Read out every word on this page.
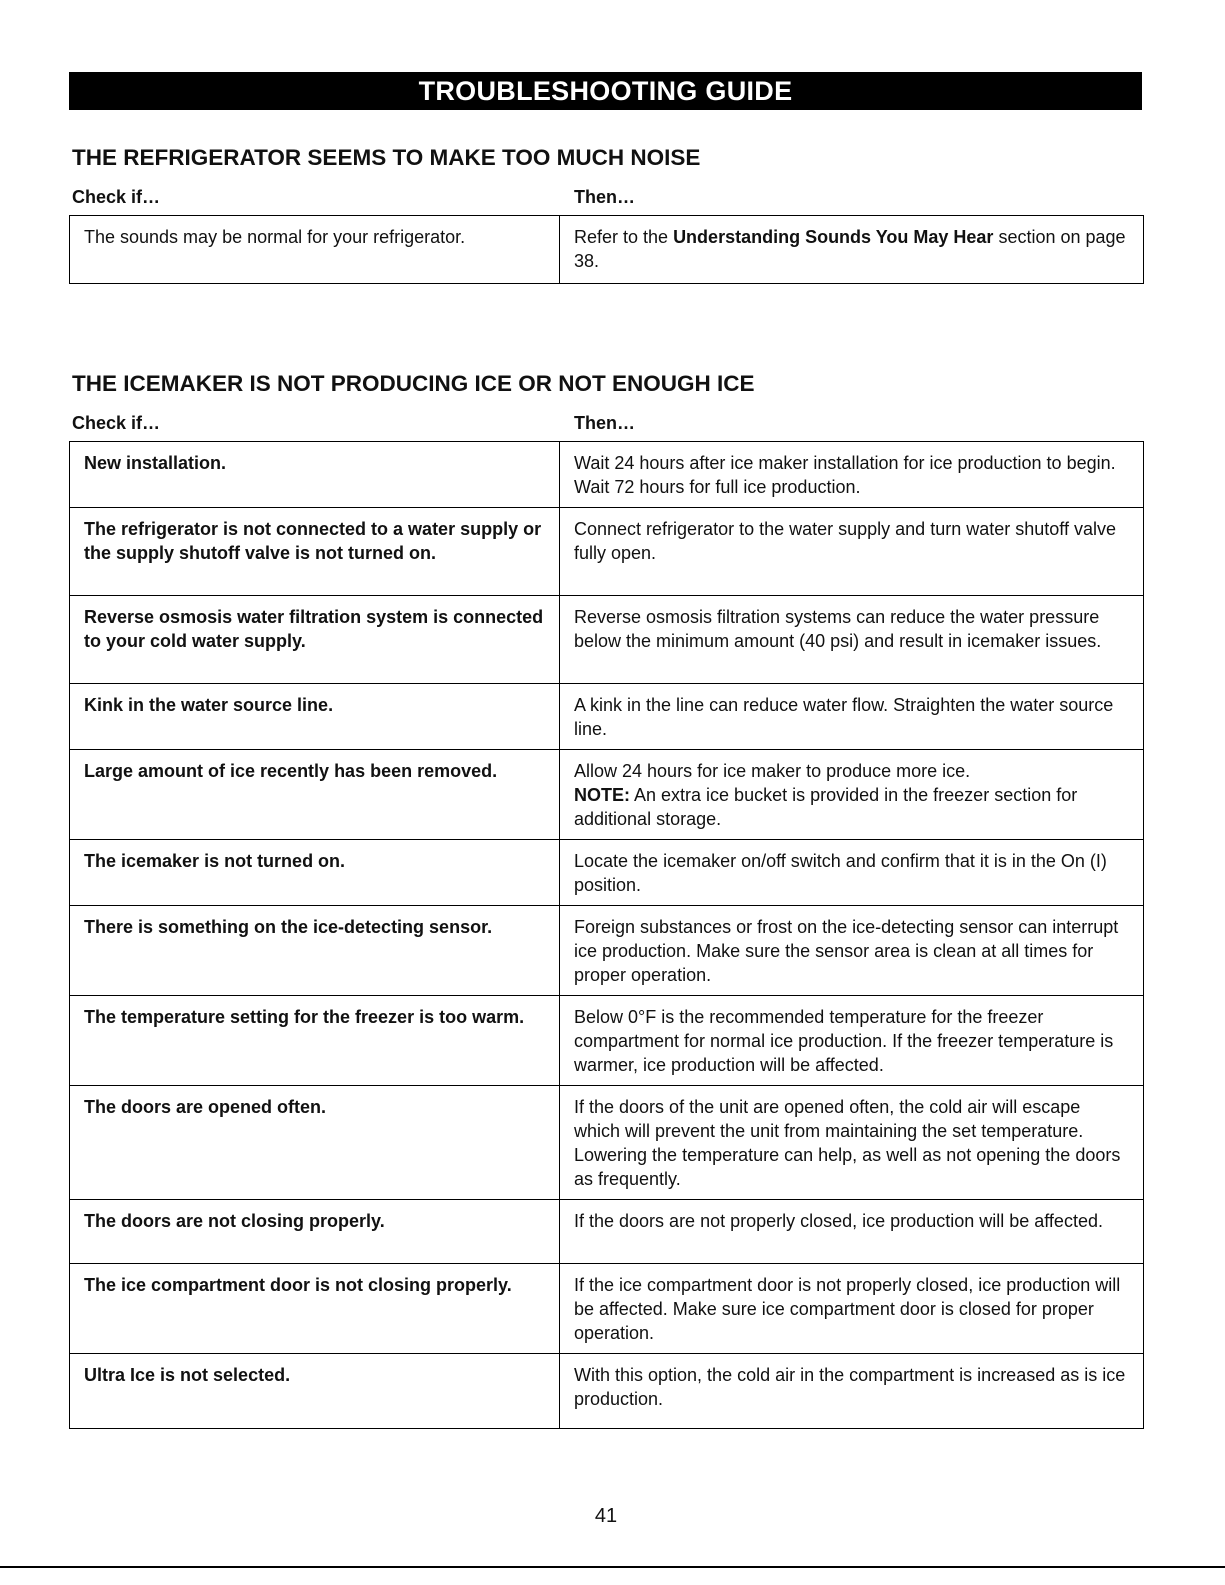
TROUBLESHOOTING GUIDE
THE REFRIGERATOR SEEMS TO MAKE TOO MUCH NOISE
Check if…	Then…
The sounds may be normal for your refrigerator.	Refer to the Understanding Sounds You May Hear section on page 38.
THE ICEMAKER IS NOT PRODUCING ICE OR NOT ENOUGH ICE
Check if…	Then…
New installation.	Wait 24 hours after ice maker installation for ice production to begin. Wait 72 hours for full ice production.
The refrigerator is not connected to a water supply or the supply shutoff valve is not turned on.	Connect refrigerator to the water supply and turn water shutoff valve fully open.
Reverse osmosis water filtration system is connected to your cold water supply.	Reverse osmosis filtration systems can reduce the water pressure below the minimum amount (40 psi) and result in icemaker issues.
Kink in the water source line.	A kink in the line can reduce water flow. Straighten the water source line.
Large amount of ice recently has been removed.	Allow 24 hours for ice maker to produce more ice.
NOTE: An extra ice bucket is provided in the freezer section for additional storage.
The icemaker is not turned on.	Locate the icemaker on/off switch and confirm that it is in the On (I) position.
There is something on the ice-detecting sensor.	Foreign substances or frost on the ice-detecting sensor can interrupt ice production. Make sure the sensor area is clean at all times for proper operation.
The temperature setting for the freezer is too warm.	Below 0°F is the recommended temperature for the freezer compartment for normal ice production. If the freezer temperature is warmer, ice production will be affected.
The doors are opened often.	If the doors of the unit are opened often, the cold air will escape which will prevent the unit from maintaining the set temperature. Lowering the temperature can help, as well as not opening the doors as frequently.
The doors are not closing properly.	If the doors are not properly closed, ice production will be affected.
The ice compartment door is not closing properly.	If the ice compartment door is not properly closed, ice production will be affected. Make sure ice compartment door is closed for proper operation.
Ultra Ice is not selected.	With this option, the cold air in the compartment is increased as is ice production.
41
